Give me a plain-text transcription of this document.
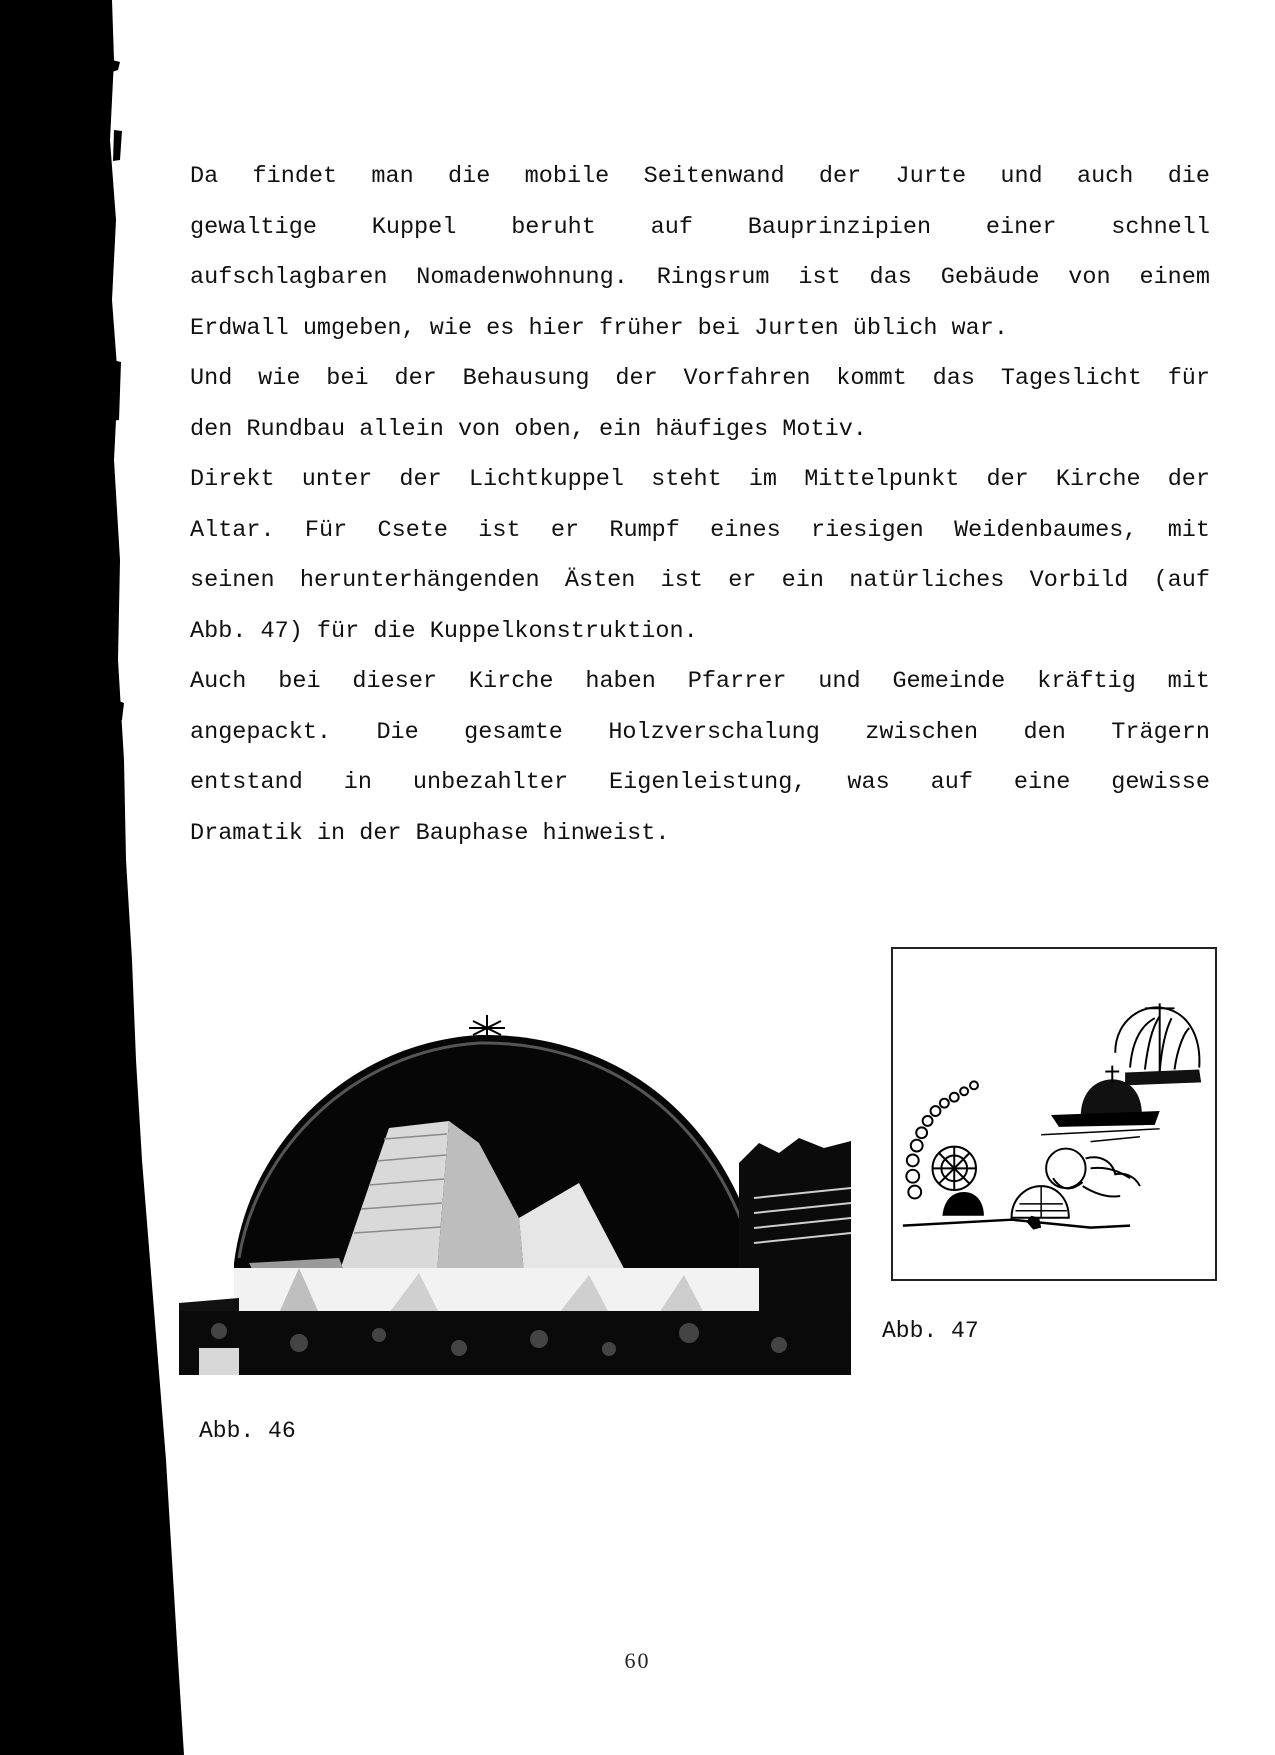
Da findet man die mobile Seitenwand der Jurte und auch die
gewaltige Kuppel beruht auf Bauprinzipien einer schnell
aufschlagbaren Nomadenwohnung. Ringsrum ist das Gebäude von einem
Erdwall umgeben, wie es hier früher bei Jurten üblich war.
Und wie bei der Behausung der Vorfahren kommt das Tageslicht für
den Rundbau allein von oben, ein häufiges Motiv.
Direkt unter der Lichtkuppel steht im Mittelpunkt der Kirche der
Altar. Für Csete ist er Rumpf eines riesigen Weidenbaumes, mit
seinen herunterhängenden Ästen ist er ein natürliches Vorbild (auf
Abb. 47) für die Kuppelkonstruktion.
Auch bei dieser Kirche haben Pfarrer und Gemeinde kräftig mit
angepackt. Die gesamte Holzverschalung zwischen den Trägern
entstand in unbezahlter Eigenleistung, was auf eine gewisse
Dramatik in der Bauphase hinweist.
Abb. 46
Abb. 47
60
